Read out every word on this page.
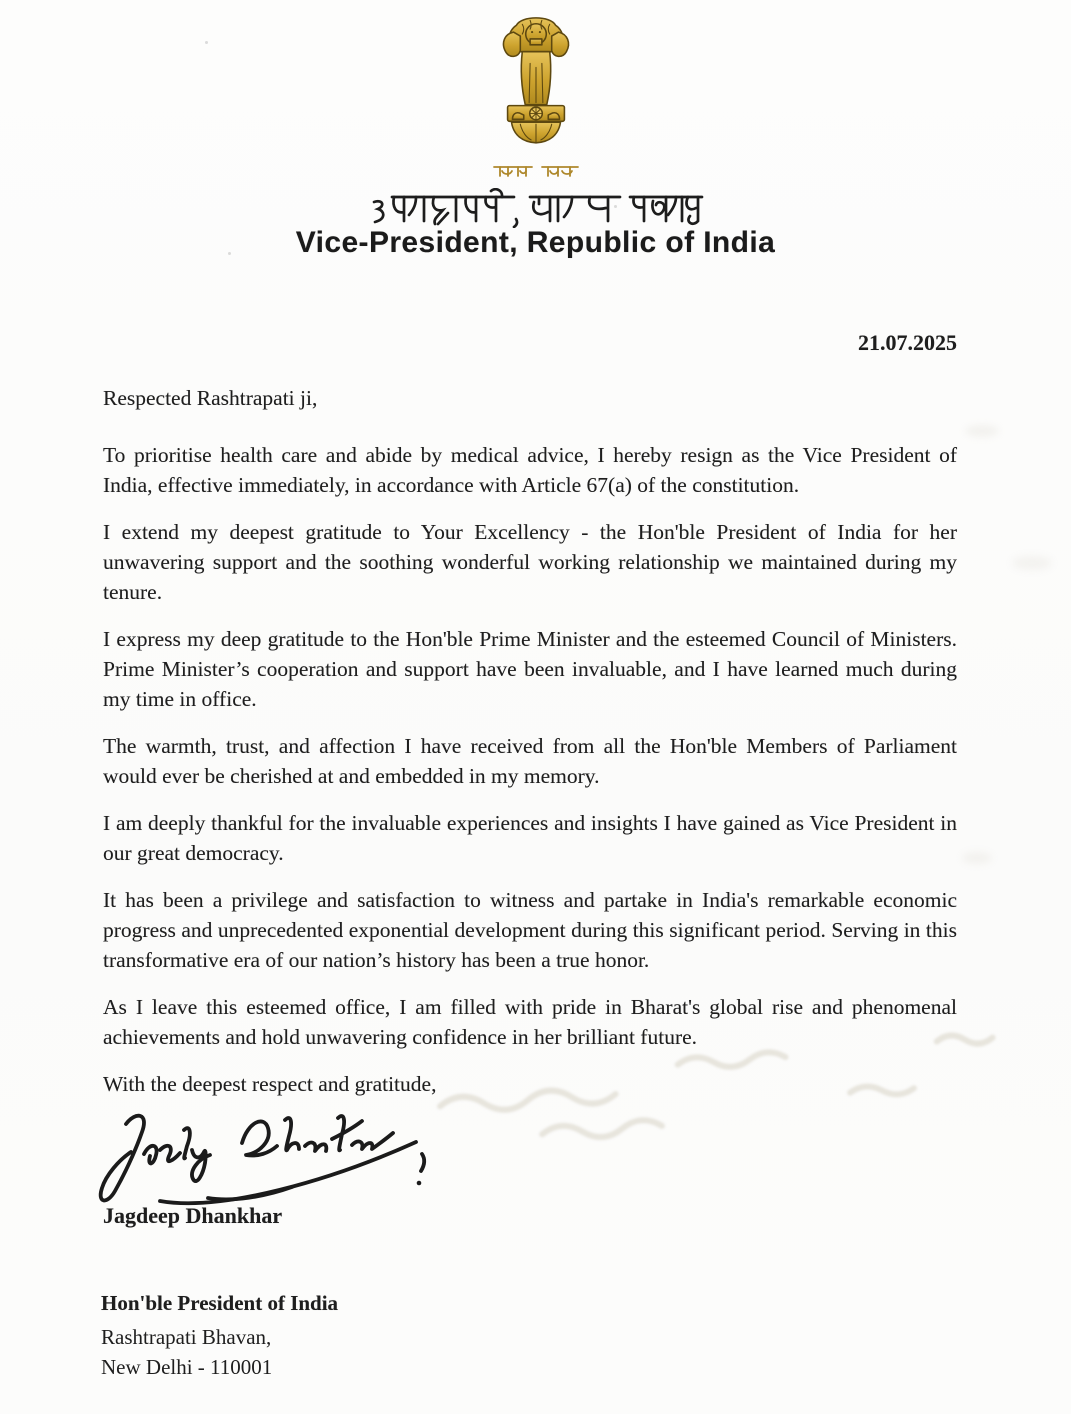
Vice-President, Republic of India
21.07.2025
Respected Rashtrapati ji,

To prioritise health care and abide by medical advice, I hereby resign as the Vice President of India, effective immediately, in accordance with Article 67(a) of the constitution.

I extend my deepest gratitude to Your Excellency - the Hon'ble President of India for her unwavering support and the soothing wonderful working relationship we maintained during my tenure.

I express my deep gratitude to the Hon'ble Prime Minister and the esteemed Council of Ministers. Prime Minister’s cooperation and support have been invaluable, and I have learned much during my time in office.

The warmth, trust, and affection I have received from all the Hon'ble Members of Parliament would ever be cherished at and embedded in my memory.

I am deeply thankful for the invaluable experiences and insights I have gained as Vice President in our great democracy.

It has been a privilege and satisfaction to witness and partake in India's remarkable economic progress and unprecedented exponential development during this significant period. Serving in this transformative era of our nation’s history has been a true honor.

As I leave this esteemed office, I am filled with pride in Bharat's global rise and phenomenal achievements and hold unwavering confidence in her brilliant future.

With the deepest respect and gratitude,
Jagdeep Dhankhar
Hon'ble President of India
Rashtrapati Bhavan,
New Delhi - 110001
